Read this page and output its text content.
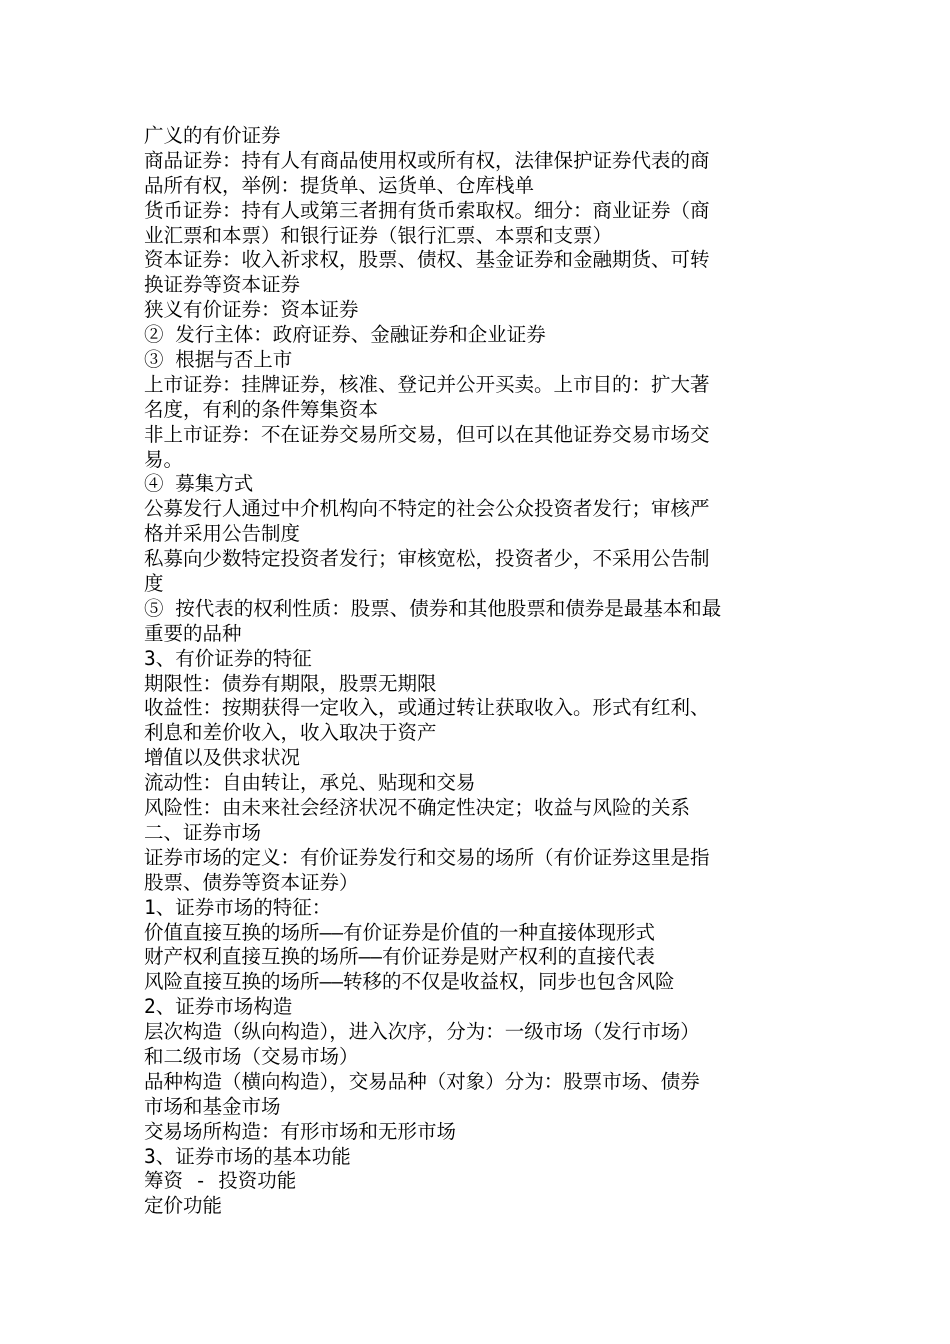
广义的有价证券
商品证券：持有人有商品使用权或所有权，法律保护证券代表的商
品所有权，举例：提货单、运货单、仓库栈单
货币证券：持有人或第三者拥有货币索取权。细分：商业证券（商
业汇票和本票）和银行证券（银行汇票、本票和支票）
资本证券：收入祈求权，股票、债权、基金证券和金融期货、可转
换证券等资本证券
狭义有价证券：资本证券
② 发行主体：政府证券、金融证券和企业证券
③ 根据与否上市
上市证券：挂牌证券，核准、登记并公开买卖。上市目的：扩大著
名度，有利的条件筹集资本
非上市证券：不在证券交易所交易，但可以在其他证券交易市场交
易。
④ 募集方式
公募发行人通过中介机构向不特定的社会公众投资者发行；审核严
格并采用公告制度
私募向少数特定投资者发行；审核宽松，投资者少，不采用公告制
度
⑤ 按代表的权利性质：股票、债券和其他股票和债券是最基本和最
重要的品种
3、有价证券的特征
期限性：债券有期限，股票无期限
收益性：按期获得一定收入，或通过转让获取收入。形式有红利、
利息和差价收入，收入取决于资产
增值以及供求状况
流动性：自由转让，承兑、贴现和交易
风险性：由未来社会经济状况不确定性决定；收益与风险的关系
二、证券市场
证券市场的定义：有价证券发行和交易的场所（有价证券这里是指
股票、债券等资本证券）
1、证券市场的特征：
价值直接互换的场所——有价证券是价值的一种直接体现形式
财产权利直接互换的场所——有价证券是财产权利的直接代表
风险直接互换的场所——转移的不仅是收益权，同步也包含风险
2、证券市场构造
层次构造（纵向构造），进入次序，分为：一级市场（发行市场）
和二级市场（交易市场）
品种构造（横向构造），交易品种（对象）分为：股票市场、债券
市场和基金市场
交易场所构造：有形市场和无形市场
3、证券市场的基本功能
筹资 - 投资功能
定价功能
